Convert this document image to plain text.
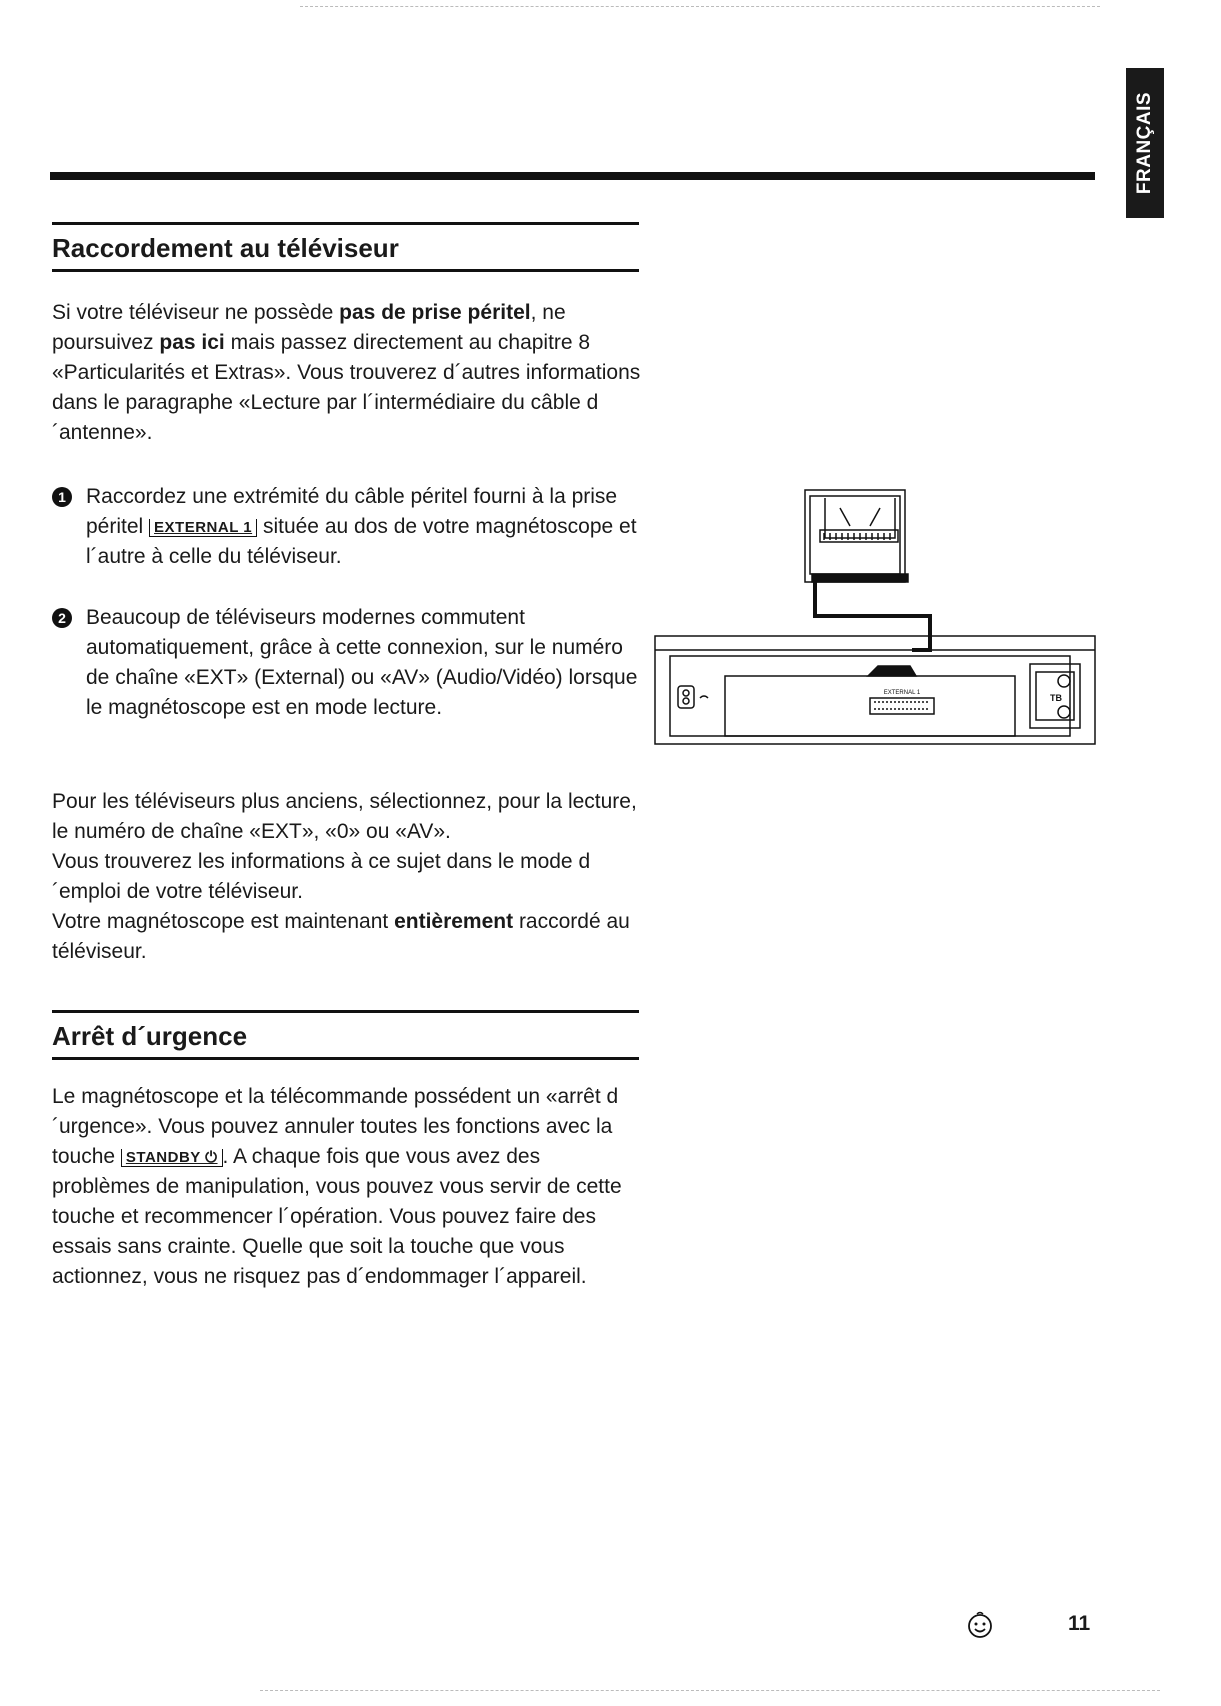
FRANÇAIS
Raccordement au téléviseur

Si votre téléviseur ne possède pas de prise péritel, ne poursuivez pas ici mais passez directement au chapitre 8 «Particularités et Extras». Vous trouverez d´autres informations dans le paragraphe «Lecture par l´intermédiaire du câble d´antenne».

1 Raccordez une extrémité du câble péritel fourni à la prise péritel EXTERNAL 1 située au dos de votre magnétoscope et l´autre à celle du téléviseur.
2 Beaucoup de téléviseurs modernes commutent automatiquement, grâce à cette connexion, sur le numéro de chaîne «EXT» (External) ou «AV» (Audio/Vidéo) lorsque le magnétoscope est en mode lecture.
Pour les téléviseurs plus anciens, sélectionnez, pour la lecture, le numéro de chaîne «EXT», «0» ou «AV».
Vous trouverez les informations à ce sujet dans le mode d´emploi de votre téléviseur.
Votre magnétoscope est maintenant entièrement raccordé au téléviseur.
EXTERNAL 1	TB
Arrêt d´urgence

Le magnétoscope et la télécommande possédent un «arrêt d´urgence». Vous pouvez annuler toutes les fonctions avec la touche STANDBY ⏻ . A chaque fois que vous avez des problèmes de manipulation, vous pouvez vous servir de cette touche et recommencer l´opération. Vous pouvez faire des essais sans crainte. Quelle que soit la touche que vous actionnez, vous ne risquez pas d´endommager l´appareil.

11
